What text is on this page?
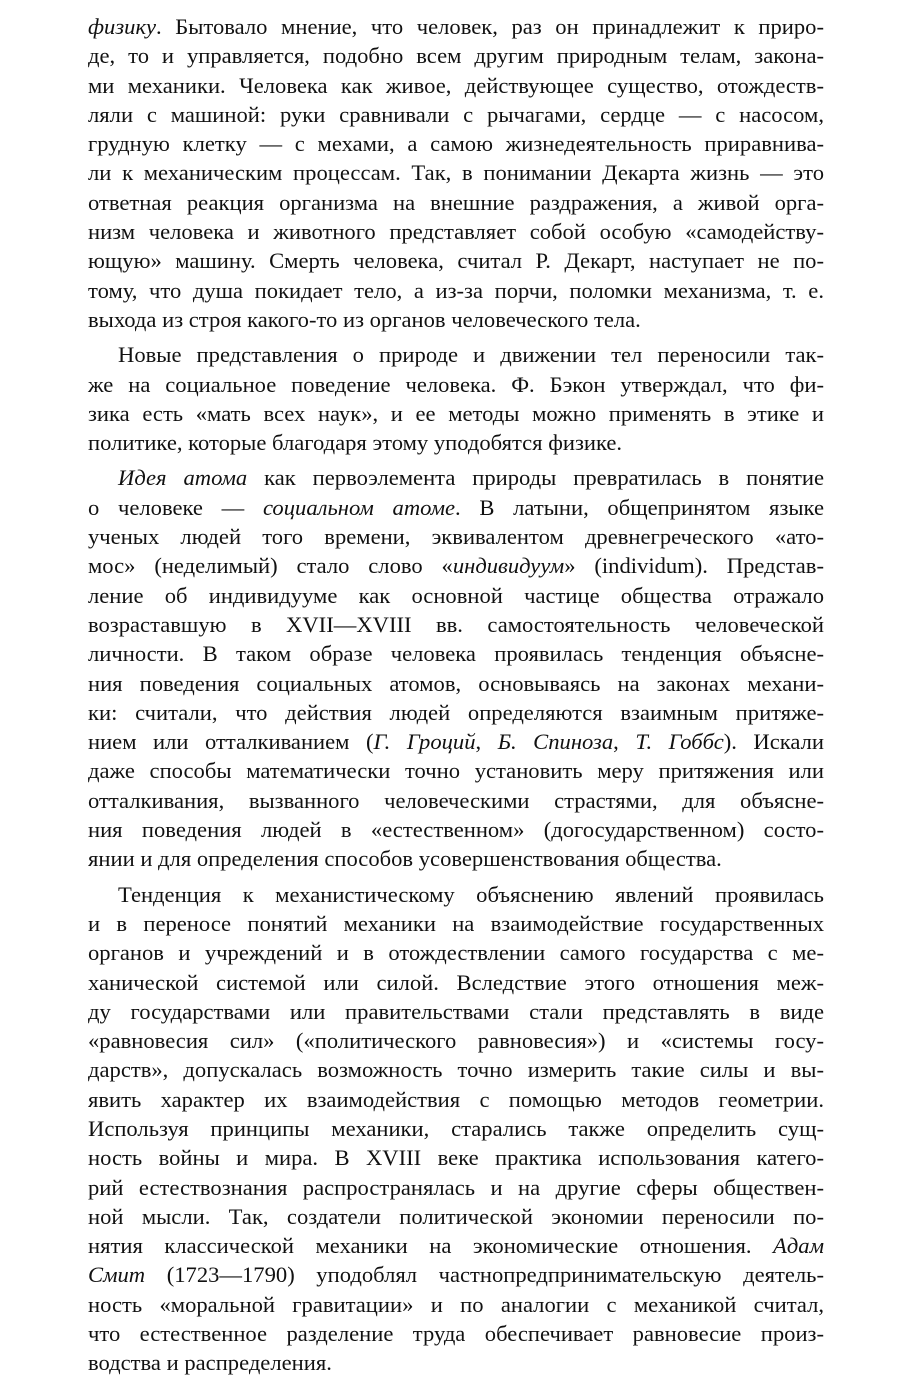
физику. Бытовало мнение, что человек, раз он принадлежит к приро-
де, то и управляется, подобно всем другим природным телам, закона-
ми механики. Человека как живое, действующее существо, отождеств-
ляли с машиной: руки сравнивали с рычагами, сердце — с насосом,
грудную клетку — с мехами, а самою жизнедеятельность приравнива-
ли к механическим процессам. Так, в понимании Декарта жизнь — это
ответная реакция организма на внешние раздражения, а живой орга-
низм человека и животного представляет собой особую «самодейству-
ющую» машину. Смерть человека, считал Р. Декарт, наступает не по-
тому, что душа покидает тело, а из-за порчи, поломки механизма, т. е.
выхода из строя какого-то из органов человеческого тела.
Новые представления о природе и движении тел переносили так-
же на социальное поведение человека. Ф. Бэкон утверждал, что фи-
зика есть «мать всех наук», и ее методы можно применять в этике и
политике, которые благодаря этому уподобятся физике.
Идея атома как первоэлемента природы превратилась в понятие
о человеке — социальном атоме. В латыни, общепринятом языке
ученых людей того времени, эквивалентом древнегреческого «ато-
мос» (неделимый) стало слово «индивидуум» (individum). Представ-
ление об индивидууме как основной частице общества отражало
возраставшую в XVII—XVIII вв. самостоятельность человеческой
личности. В таком образе человека проявилась тенденция объясне-
ния поведения социальных атомов, основываясь на законах механи-
ки: считали, что действия людей определяются взаимным притяже-
нием или отталкиванием (Г. Гроций, Б. Спиноза, Т. Гоббс). Искали
даже способы математически точно установить меру притяжения или
отталкивания, вызванного человеческими страстями, для объясне-
ния поведения людей в «естественном» (догосударственном) состо-
янии и для определения способов усовершенствования общества.
Тенденция к механистическому объяснению явлений проявилась
и в переносе понятий механики на взаимодействие государственных
органов и учреждений и в отождествлении самого государства с ме-
ханической системой или силой. Вследствие этого отношения меж-
ду государствами или правительствами стали представлять в виде
«равновесия сил» («политического равновесия») и «системы госу-
дарств», допускалась возможность точно измерить такие силы и вы-
явить характер их взаимодействия с помощью методов геометрии.
Используя принципы механики, старались также определить сущ-
ность войны и мира. В XVIII веке практика использования катего-
рий естествознания распространялась и на другие сферы обществен-
ной мысли. Так, создатели политической экономии переносили по-
нятия классической механики на экономические отношения. Адам
Смит (1723—1790) уподоблял частнопредпринимательскую деятель-
ность «моральной гравитации» и по аналогии с механикой считал,
что естественное разделение труда обеспечивает равновесие произ-
водства и распределения.
